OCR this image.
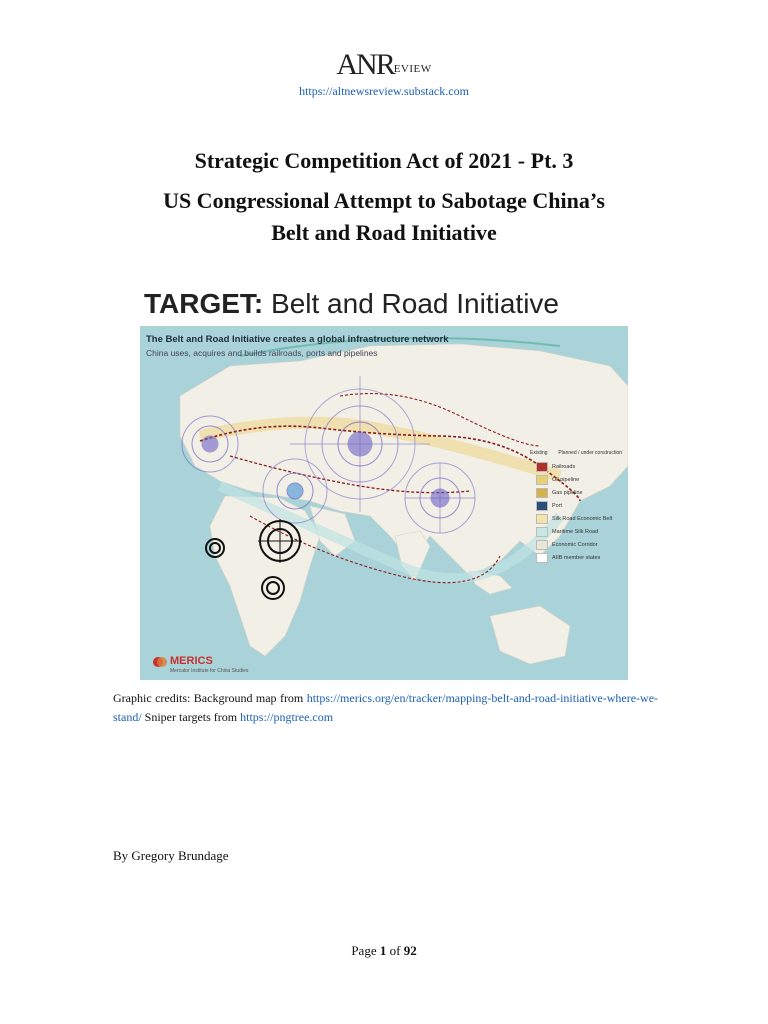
ANREVIEW
https://altnewsreview.substack.com
Strategic Competition Act of 2021 - Pt. 3
US Congressional Attempt to Sabotage China’s
Belt and Road Initiative
TARGET: Belt and Road Initiative
The Belt and Road Initiative creates a global infrastructure network
China uses, acquires and builds railroads, ports and pipelines
Existing Planned / under construction
Railroads
Oil pipeline
Gas pipeline
Port
Silk Road Economic Belt
Maritime Silk Road
Economic Corridor
AIIB member states
MERICS
Mercator Institute for China Studies
Graphic credits: Background map from https://merics.org/en/tracker/mapping-belt-and-road-initiative-where-we-stand/ Sniper targets from https://pngtree.com
By Gregory Brundage
Page 1 of 92
